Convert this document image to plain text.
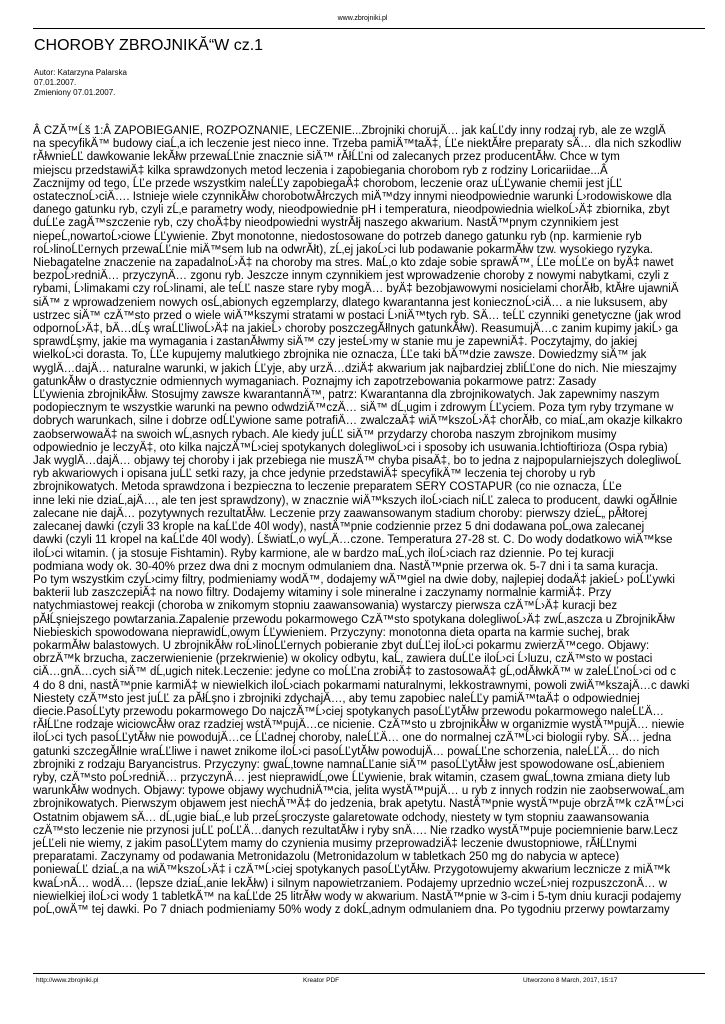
www.zbrojniki.pl
CHOROBY ZBROJNIKĂ“W cz.1
Autor: Katarzyna Palarska
07.01.2007.
Zmieniony 07.01.2007.
Â CZĂ™Ĺš 1:Â ZAPOBIEGANIE, ROZPOZNANIE, LECZENIE...Zbrojniki chorujÄ… jak kaĹĽdy inny rodzaj ryb, ale ze wzglÄ
na specyfikÄ™ budowy ciaĹ‚a ich leczenie jest nieco inne. Trzeba pamiÄ™taÄ‡, ĹĽe niektĂłre preparaty sÄ… dla nich szkodliw
rĂłwnieĹĽ dawkowanie lekĂłw przewaĹĽnie znacznie siÄ™ rĂłĹĽni od zalecanych przez producentĂłw. Chce w tym
miejscu przedstawiÄ‡ kilka sprawdzonych metod leczenia i zapobiegania chorobom ryb z rodziny Loricariidae...Â
Zacznijmy od tego, ĹĽe przede wszystkim naleĹĽy zapobiegaÄ‡ chorobom, leczenie oraz uĹĽywanie chemii jest jĹĽ
ostatecznoĹ›ciÄ…. Istnieje wiele czynnikĂłw chorobotwĂłrczych miÄ™dzy innymi nieodpowiednie warunki Ĺ›rodowiskowe dla
danego gatunku ryb, czyli zĹ‚e parametry wody, nieodpowiednie pH i temperatura, nieodpowiednia wielkoĹ›Ä‡ zbiornika, zbyt
duĹĽe zagÄ™szczenie ryb, czy choÄ‡by nieodpowiedni wystrĂłj naszego akwarium. NastÄ™pnym czynnikiem jest
niepeĹ‚nowartoĹ›ciowe ĹĽywienie. Zbyt monotonne, niedostosowane do potrzeb danego gatunku ryb (np. karmienie ryb
roĹ›linoĹĽernych przewaĹĽnie miÄ™sem lub na odwrĂłt), zĹ‚ej jakoĹ›ci lub podawanie pokarmĂłw tzw. wysokiego ryzyka.
Niebagatelne znaczenie na zapadalnoĹ›Ä‡ na choroby ma stres. MaĹ‚o kto zdaje sobie sprawÄ™, ĹĽe moĹĽe on byÄ‡ nawet
bezpoĹ›redniÄ… przyczynÄ… zgonu ryb. Jeszcze innym czynnikiem jest wprowadzenie choroby z nowymi nabytkami, czyli z
rybami, Ĺ›limakami czy roĹ›linami, ale teĹĽ nasze stare ryby mogÄ… byÄ‡ bezobjawowymi nosicielami chorĂłb, ktĂłre ujawniÄ
siÄ™ z wprowadzeniem nowych osĹ‚abionych egzemplarzy, dlatego kwarantanna jest koniecznoĹ›ciÄ… a nie luksusem, aby
ustrzec siÄ™ czÄ™sto przed o wiele wiÄ™kszymi stratami w postaci Ĺ›niÄ™tych ryb. SÄ… teĹĽ czynniki genetyczne (jak wrod
odpornoĹ›Ä‡, bÄ…dĹş wraĹĽliwoĹ›Ä‡ na jakieĹ› choroby poszczegĂłlnych gatunkĂłw). ReasumujÄ…c zanim kupimy jakiĹ› ga
sprawdĹşmy, jakie ma wymagania i zastanĂłwmy siÄ™ czy jesteĹ›my w stanie mu je zapewniÄ‡. Poczytajmy, do jakiej
wielkoĹ›ci dorasta. To, ĹĽe kupujemy malutkiego zbrojnika nie oznacza, ĹĽe taki bÄ™dzie zawsze. Dowiedzmy siÄ™ jak
wyglÄ…dajÄ… naturalne warunki, w jakich ĹĽyje, aby urzÄ…dziÄ‡ akwarium jak najbardziej zbliĹĽone do nich. Nie mieszajmy
gatunkĂłw o drastycznie odmiennych wymaganiach. Poznajmy ich zapotrzebowania pokarmowe patrz: Zasady
ĹĽywienia zbrojnikĂłw. Stosujmy zawsze kwarantannÄ™, patrz: Kwarantanna dla zbrojnikowatych. Jak zapewnimy naszym
podopiecznym te wszystkie warunki na pewno odwdziÄ™czÄ… siÄ™ dĹ‚ugim i zdrowym ĹĽyciem. Poza tym ryby trzymane w
dobrych warunkach, silne i dobrze odĹĽywione same potrafiÄ… zwalczaÄ‡ wiÄ™kszoĹ›Ä‡ chorĂłb, co miaĹ‚am okazje kilkakro
zaobserwowaÄ‡ na swoich wĹ‚asnych rybach. Ale kiedy juĹĽ siÄ™ przydarzy choroba naszym zbrojnikom musimy
odpowiednio je leczyÄ‡, oto kilka najczÄ™Ĺ›ciej spotykanych dolegliwoĹ›ci i sposoby ich usuwania.Ichtioftirioza (Ospa rybia)
Jak wyglÄ…dajÄ… objawy tej choroby i jak przebiega nie muszÄ™ chyba pisaÄ‡, bo to jedna z najpopularniejszych dolegliwoĹ
ryb akwariowych i opisana juĹĽ setki razy, ja chce jedynie przedstawiÄ‡ specyfikÄ™ leczenia tej choroby u ryb
zbrojnikowatych. Metoda sprawdzona i bezpieczna to leczenie preparatem SERY COSTAPUR (co nie oznacza, ĹĽe
inne leki nie dziaĹ‚ajÄ…, ale ten jest sprawdzony), w znacznie wiÄ™kszych iloĹ›ciach niĹĽ zaleca to producent, dawki ogĂłlnie
zalecane nie dajÄ… pozytywnych rezultatĂłw. Leczenie przy zaawansowanym stadium choroby: pierwszy dzieĹ„ pĂłtorej
zalecanej dawki (czyli 33 krople na kaĹĽde 40l wody), nastÄ™pnie codziennie przez 5 dni dodawana poĹ‚owa zalecanej
dawki (czyli 11 kropel na kaĹĽde 40l wody). ĹšwiatĹ‚o wyĹ‚Ä…czone. Temperatura 27-28 st. C. Do wody dodatkowo wiÄ™kse
iloĹ›ci witamin. ( ja stosuje Fishtamin). Ryby karmione, ale w bardzo maĹ‚ych iloĹ›ciach raz dziennie. Po tej kuracji
podmiana wody ok. 30-40% przez dwa dni z mocnym odmulaniem dna. NastÄ™pnie przerwa ok. 5-7 dni i ta sama kuracja.
Po tym wszystkim czyĹ›cimy filtry, podmieniamy wodÄ™, dodajemy wÄ™giel na dwie doby, najlepiej dodaÄ‡ jakieĹ› poĹĽywki
bakterii lub zaszczepiÄ‡ na nowo filtry. Dodajemy witaminy i sole mineralne i zaczynamy normalnie karmiÄ‡. Przy
natychmiastowej reakcji (choroba w znikomym stopniu zaawansowania) wystarczy pierwsza czÄ™Ĺ›Ä‡ kuracji bez
pĂłĹşniejszego powtarzania.Zapalenie przewodu pokarmowego CzÄ™sto spotykana dolegliwoĹ›Ä‡ zwĹ‚aszcza u ZbrojnikĂłw
Niebieskich spowodowana nieprawidĹ‚owym ĹĽywieniem. Przyczyny: monotonna dieta oparta na karmie suchej, brak
pokarmĂłw balastowych. U zbrojnikĂłw roĹ›linoĹĽernych pobieranie zbyt duĹĽej iloĹ›ci pokarmu zwierzÄ™cego. Objawy:
obrzÄ™k brzucha, zaczerwienienie (przekrwienie) w okolicy odbytu, kaĹ‚ zawiera duĹĽe iloĹ›ci Ĺ›luzu, czÄ™sto w postaci
ciÄ…gnÄ…cych siÄ™ dĹ‚ugich nitek.Leczenie: jedyne co moĹĽna zrobiÄ‡ to zastosowaÄ‡ gĹ‚odĂłwkÄ™ w zaleĹĽnoĹ›ci od c
4 do 8 dni, nastÄ™pnie karmiÄ‡ w niewielkich iloĹ›ciach pokarmami naturalnymi, lekkostrawnymi, powoli zwiÄ™kszajÄ…c dawki
Niestety czÄ™sto jest juĹĽ za pĂłĹşno i zbrojniki zdychajÄ…, aby temu zapobiec naleĹĽy pamiÄ™taÄ‡ o odpowiedniej
diecie.PasoĹĽyty przewodu pokarmowego Do najczÄ™Ĺ›ciej spotykanych pasoĹĽytĂłw przewodu pokarmowego naleĹĽÄ…
rĂłĹĽne rodzaje wiciowcĂłw oraz rzadziej wstÄ™pujÄ…ce nicienie. CzÄ™sto u zbrojnikĂłw w organizmie wystÄ™pujÄ… niewie
iloĹ›ci tych pasoĹĽytĂłw nie powodujÄ…ce ĹĽadnej choroby, naleĹĽÄ… one do normalnej czÄ™Ĺ›ci biologii ryby. SÄ… jedna
gatunki szczegĂłlnie wraĹĽliwe i nawet znikome iloĹ›ci pasoĹĽytĂłw powodujÄ… powaĹĽne schorzenia, naleĹĽÄ… do nich
zbrojniki z rodzaju Baryancistrus. Przyczyny: gwaĹ‚towne namnaĹĽanie siÄ™ pasoĹĽytĂłw jest spowodowane osĹ‚abieniem
ryby, czÄ™sto poĹ›redniÄ… przyczynÄ… jest nieprawidĹ‚owe ĹĽywienie, brak witamin, czasem gwaĹ‚towna zmiana diety lub
warunkĂłw wodnych. Objawy: typowe objawy wychudniÄ™cia, jelita wystÄ™pujÄ… u ryb z innych rodzin nie zaobserwowaĹ‚am
zbrojnikowatych. Pierwszym objawem jest niechÄ™Ä‡ do jedzenia, brak apetytu. NastÄ™pnie wystÄ™puje obrzÄ™k czÄ™Ĺ›ci
Ostatnim objawem sÄ… dĹ‚ugie biaĹ‚e lub przeĹşroczyste galaretowate odchody, niestety w tym stopniu zaawansowania
czÄ™sto leczenie nie przynosi juĹĽ poĹĽÄ…danych rezultatĂłw i ryby snÄ…. Nie rzadko wystÄ™puje pociemnienie barw.Lecz
jeĹĽeli nie wiemy, z jakim pasoĹĽytem mamy do czynienia musimy przeprowadziÄ‡ leczenie dwustopniowe, rĂłĹĽnymi
preparatami. Zaczynamy od podawania Metronidazolu (Metronidazolum w tabletkach 250 mg do nabycia w aptece)
poniewaĹĽ dziaĹ‚a na wiÄ™kszoĹ›Ä‡ i czÄ™Ĺ›ciej spotykanych pasoĹĽytĂłw. Przygotowujemy akwarium lecznicze z miÄ™k
kwaĹ›nÄ… wodÄ… (lepsze dziaĹ‚anie lekĂłw) i silnym napowietrzaniem. Podajemy uprzednio wczeĹ›niej rozpuszczonÄ… w
niewielkiej iloĹ›ci wody 1 tabletkÄ™ na kaĹĽde 25 litrĂłw wody w akwarium. NastÄ™pnie w 3-cim i 5-tym dniu kuracji podajemy
poĹ‚owÄ™ tej dawki. Po 7 dniach podmieniamy 50% wody z dokĹ‚adnym odmulaniem dna. Po tygodniu przerwy powtarzamy
http://www.zbrojniki.pl	Kreator PDF	Utworzono 8 March, 2017, 15:17
